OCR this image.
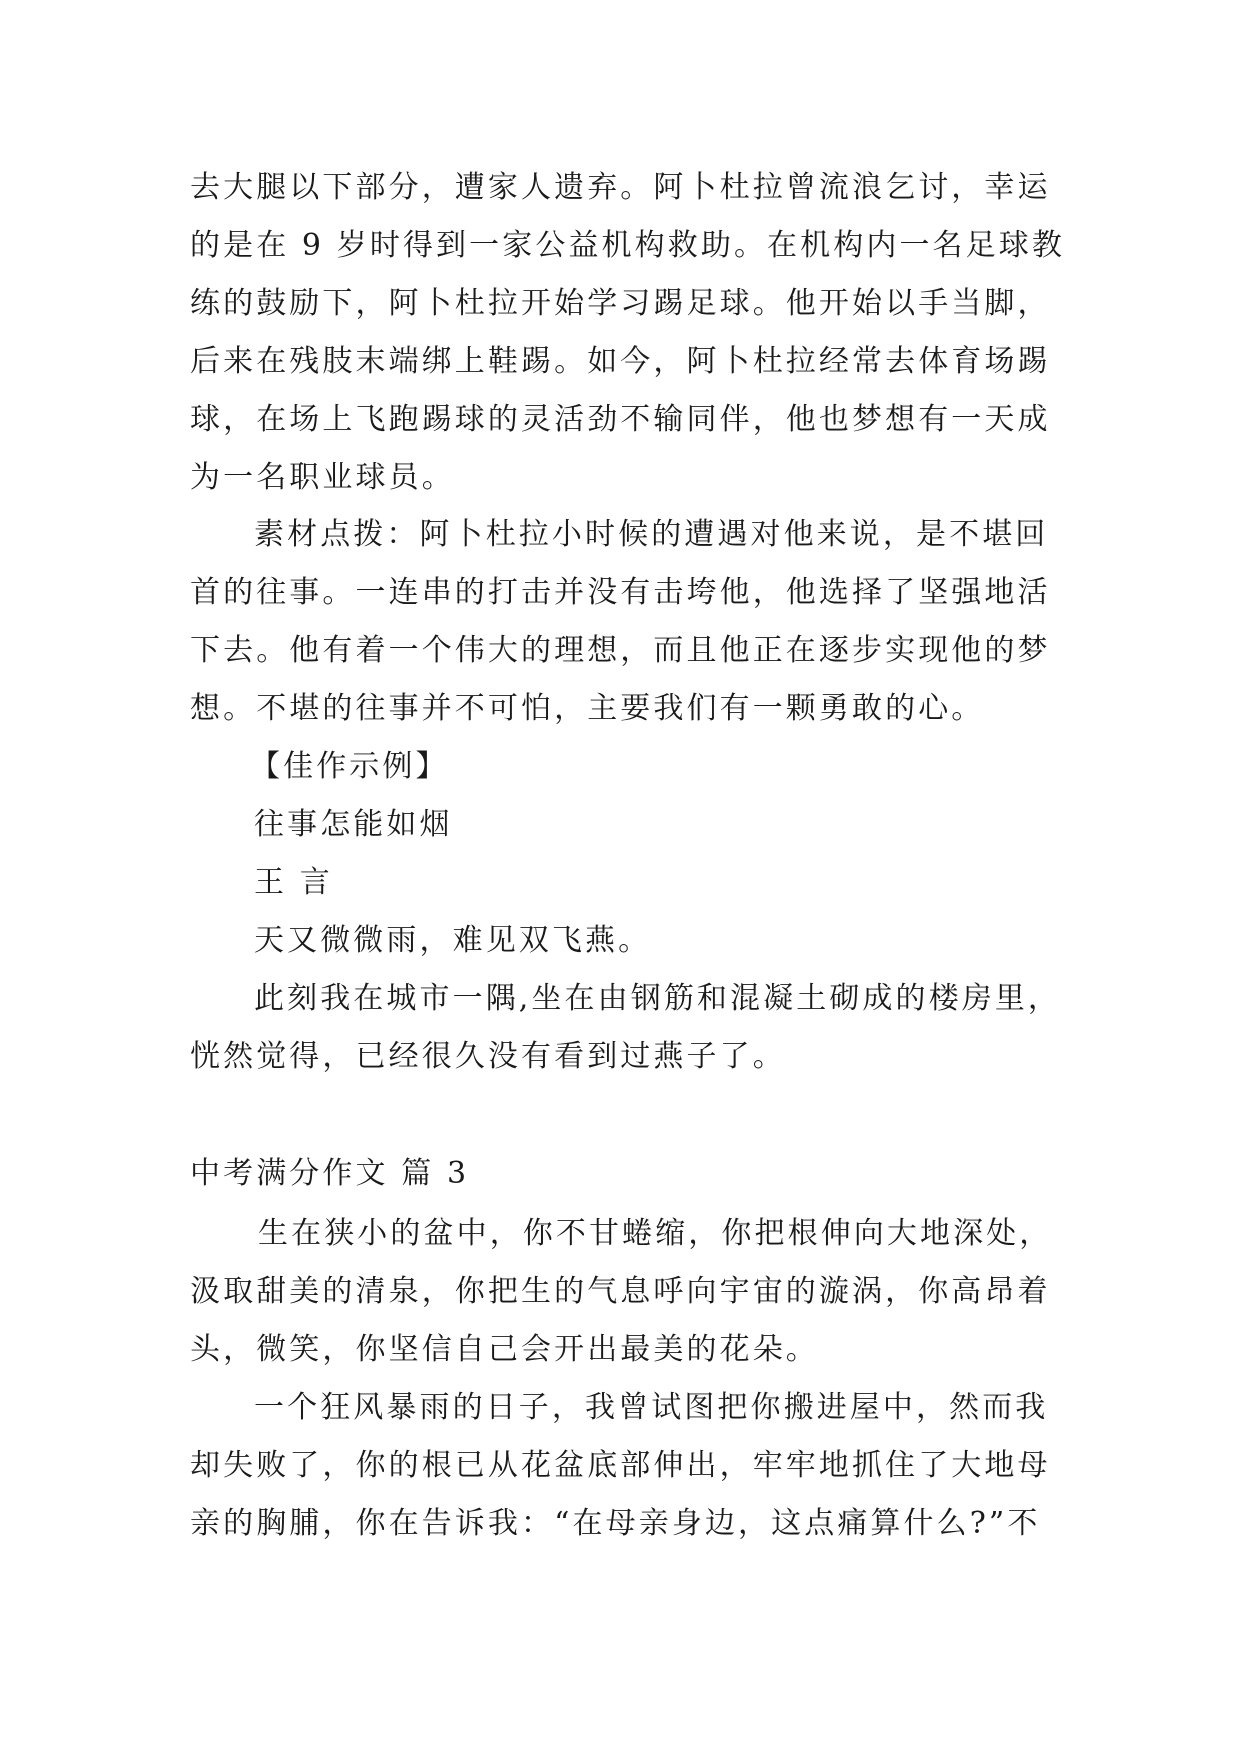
去大腿以下部分，遭家人遗弃。阿卜杜拉曾流浪乞讨，幸运
的是在 9 岁时得到一家公益机构救助。在机构内一名足球教
练的鼓励下，阿卜杜拉开始学习踢足球。他开始以手当脚，
后来在残肢末端绑上鞋踢。如今，阿卜杜拉经常去体育场踢
球，在场上飞跑踢球的灵活劲不输同伴，他也梦想有一天成
为一名职业球员。
素材点拨：阿卜杜拉小时候的遭遇对他来说，是不堪回
首的往事。一连串的打击并没有击垮他，他选择了坚强地活
下去。他有着一个伟大的理想，而且他正在逐步实现他的梦
想。不堪的往事并不可怕，主要我们有一颗勇敢的心。
【佳作示例】
往事怎能如烟
王 言
天又微微雨，难见双飞燕。
此刻我在城市一隅,坐在由钢筋和混凝土砌成的楼房里，
恍然觉得，已经很久没有看到过燕子了。
中考满分作文 篇 3
生在狭小的盆中，你不甘蜷缩，你把根伸向大地深处，
汲取甜美的清泉，你把生的气息呼向宇宙的漩涡，你高昂着
头，微笑，你坚信自己会开出最美的花朵。
一个狂风暴雨的日子，我曾试图把你搬进屋中，然而我
却失败了，你的根已从花盆底部伸出，牢牢地抓住了大地母
亲的胸脯，你在告诉我：“在母亲身边，这点痛算什么?”不
